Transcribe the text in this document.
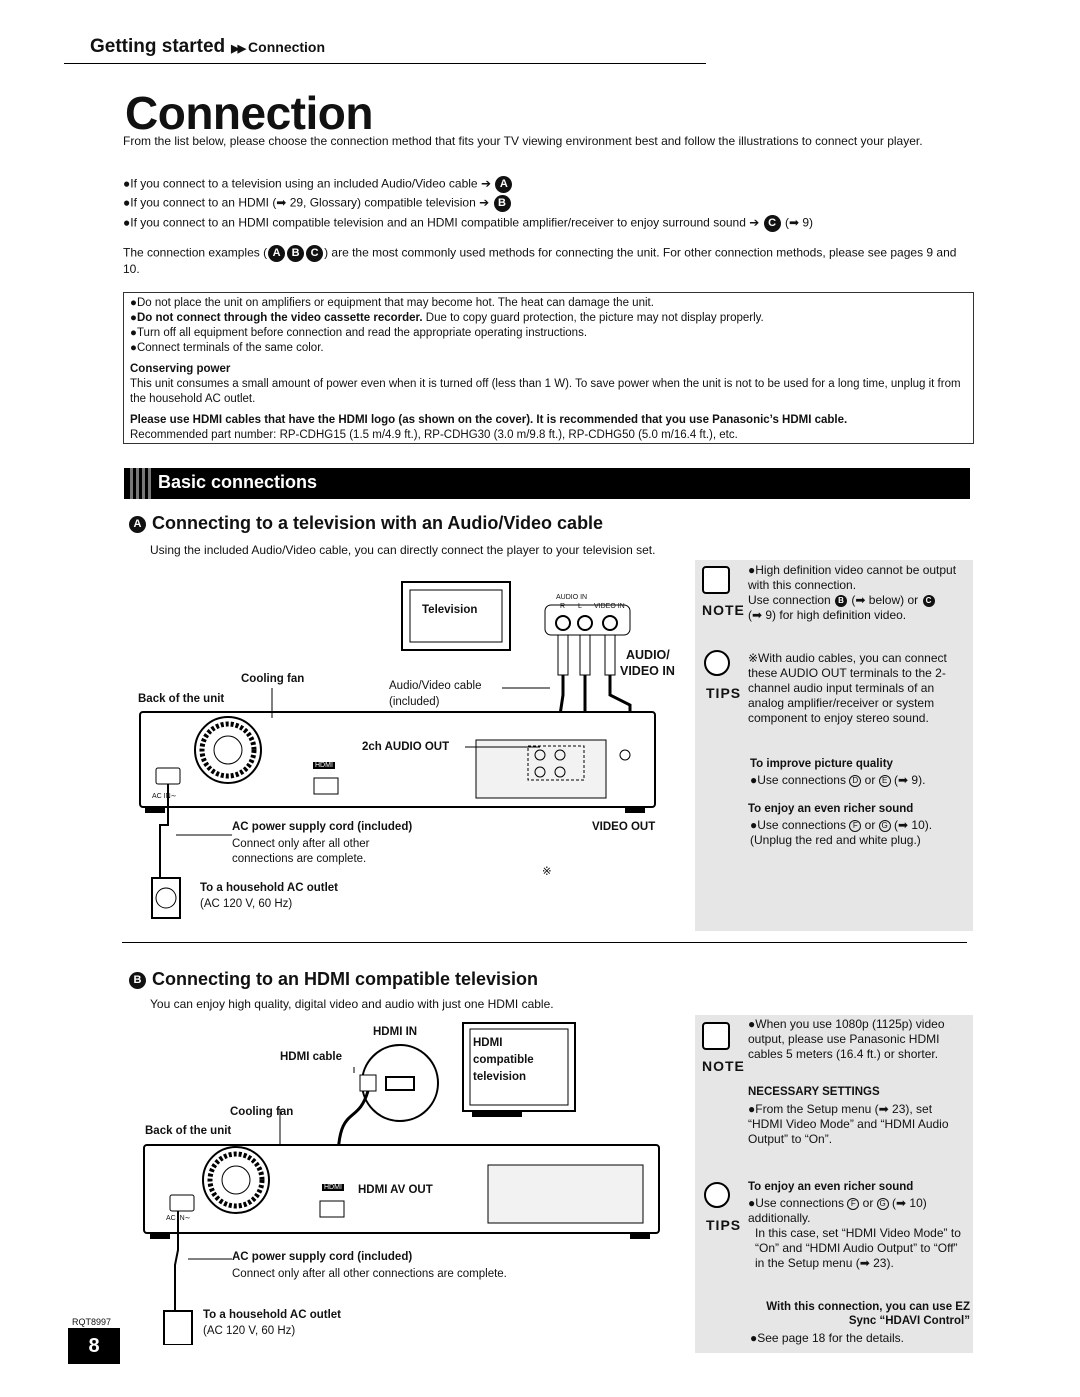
Getting started ▶▶ Connection
Connection
From the list below, please choose the connection method that fits your TV viewing environment best and follow the illustrations to connect your player.
●If you connect to a television using an included Audio/Video cable ➔ A
●If you connect to an HDMI (➡ 29, Glossary) compatible television ➔ B
●If you connect to an HDMI compatible television and an HDMI compatible amplifier/receiver to enjoy surround sound ➔ C (➡ 9)
The connection examples ( A B C ) are the most commonly used methods for connecting the unit. For other connection methods, please see pages 9 and 10.
●Do not place the unit on amplifiers or equipment that may become hot. The heat can damage the unit.
●Do not connect through the video cassette recorder. Due to copy guard protection, the picture may not display properly.
●Turn off all equipment before connection and read the appropriate operating instructions.
●Connect terminals of the same color.
Conserving power
This unit consumes a small amount of power even when it is turned off (less than 1 W). To save power when the unit is not to be used for a long time, unplug it from the household AC outlet.
Please use HDMI cables that have the HDMI logo (as shown on the cover). It is recommended that you use Panasonic’s HDMI cable.
Recommended part number: RP-CDHG15 (1.5 m/4.9 ft.), RP-CDHG30 (3.0 m/9.8 ft.), RP-CDHG50 (5.0 m/16.4 ft.), etc.
Basic connections
A Connecting to a television with an Audio/Video cable
Using the included Audio/Video cable, you can directly connect the player to your television set.
Television
AUDIO IN
R L VIDEO IN
AUDIO/
VIDEO IN
Cooling fan
Back of the unit
Audio/Video cable
(included)
2ch AUDIO OUT
VIDEO OUT
AC IN∼
HDMI
AC power supply cord (included)
Connect only after all other connections are complete.
To a household AC outlet
(AC 120 V, 60 Hz)
※
NOTE
●High definition video cannot be output with this connection.
Use connection B (➡ below) or C
(➡ 9) for high definition video.
TIPS
※With audio cables, you can connect these AUDIO OUT terminals to the 2-channel audio input terminals of an analog amplifier/receiver or system component to enjoy stereo sound.
To improve picture quality
●Use connections D or E (➡ 9).
To enjoy an even richer sound
●Use connections F or G (➡ 10).
(Unplug the red and white plug.)
B Connecting to an HDMI compatible television
You can enjoy high quality, digital video and audio with just one HDMI cable.
HDMI IN
HDMI
compatible
television
HDMI cable
Cooling fan
Back of the unit
HDMI AV OUT
HDMI
AC IN∼
AC power supply cord (included)
Connect only after all other connections are complete.
To a household AC outlet
(AC 120 V, 60 Hz)
NOTE
●When you use 1080p (1125p) video output, please use Panasonic HDMI cables 5 meters (16.4 ft.) or shorter.
NECESSARY SETTINGS
●From the Setup menu (➡ 23), set “HDMI Video Mode” and “HDMI Audio Output” to “On”.
TIPS
To enjoy an even richer sound
●Use connections F or G (➡ 10) additionally.
In this case, set “HDMI Video Mode” to “On” and “HDMI Audio Output” to “Off” in the Setup menu (➡ 23).
With this connection, you can use EZ Sync “HDAVI Control”
●See page 18 for the details.
RQT8997
8
